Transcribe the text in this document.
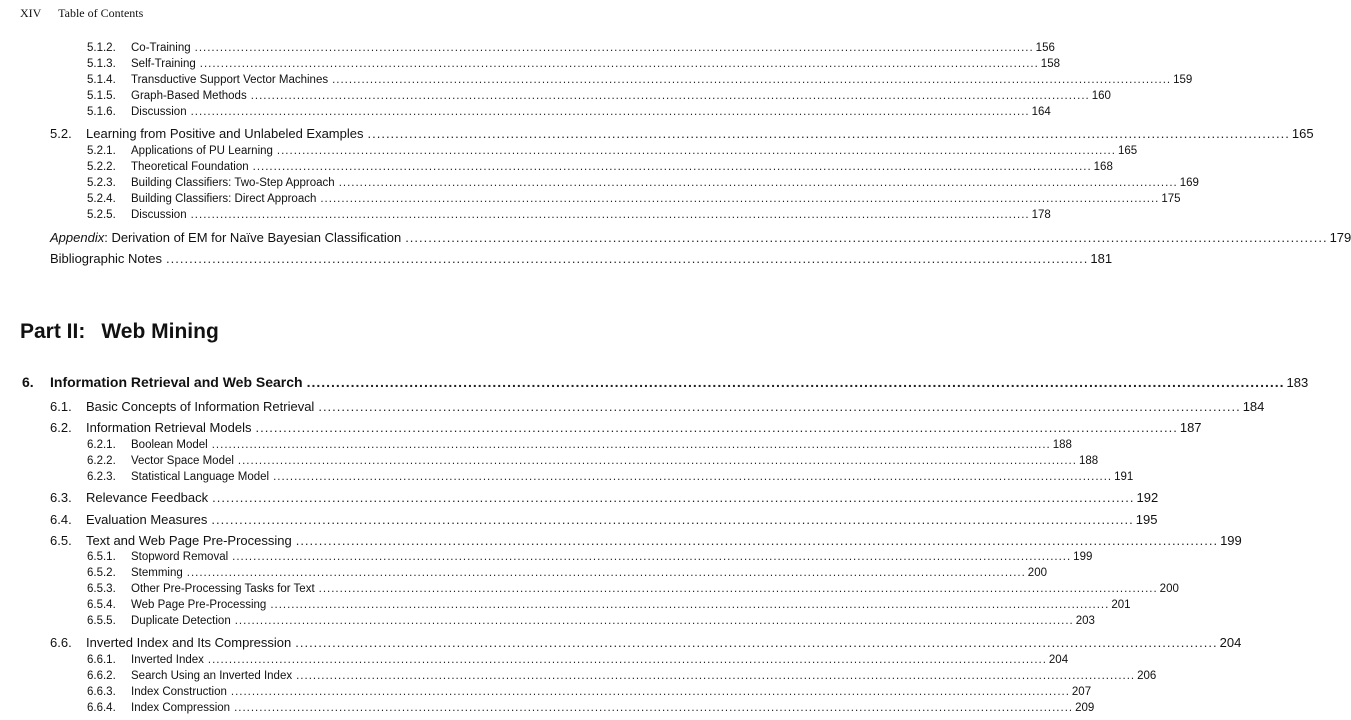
XIV Table of Contents
5.1.2.	Co-Training ........................................................................................................................................................................................................ 156
5.1.3.	Self-Training ........................................................................................................................................................................................................ 158
5.1.4.	Transductive Support Vector Machines ........................................................................................................................................................................................................ 159
5.1.5.	Graph-Based Methods ........................................................................................................................................................................................................ 160
5.1.6.	Discussion ........................................................................................................................................................................................................ 164
5.2.	Learning from Positive and Unlabeled Examples ........................................................................................................................................................................................................ 165
5.2.1.	Applications of PU Learning ........................................................................................................................................................................................................ 165
5.2.2.	Theoretical Foundation ........................................................................................................................................................................................................ 168
5.2.3.	Building Classifiers: Two-Step Approach ........................................................................................................................................................................................................ 169
5.2.4.	Building Classifiers: Direct Approach ........................................................................................................................................................................................................ 175
5.2.5.	Discussion ........................................................................................................................................................................................................ 178
Appendix: Derivation of EM for Naïve Bayesian Classification ........................................................................................................................................................................................................ 179
Bibliographic Notes ........................................................................................................................................................................................................ 181
Part II: Web Mining
6.	Information Retrieval and Web Search ........................................................................................................................................................................................................ 183
6.1.	Basic Concepts of Information Retrieval ........................................................................................................................................................................................................ 184
6.2.	Information Retrieval Models ........................................................................................................................................................................................................ 187
6.2.1.	Boolean Model ........................................................................................................................................................................................................ 188
6.2.2.	Vector Space Model ........................................................................................................................................................................................................ 188
6.2.3.	Statistical Language Model ........................................................................................................................................................................................................ 191
6.3.	Relevance Feedback ........................................................................................................................................................................................................ 192
6.4.	Evaluation Measures ........................................................................................................................................................................................................ 195
6.5.	Text and Web Page Pre-Processing ........................................................................................................................................................................................................ 199
6.5.1.	Stopword Removal ........................................................................................................................................................................................................ 199
6.5.2.	Stemming ........................................................................................................................................................................................................ 200
6.5.3.	Other Pre-Processing Tasks for Text ........................................................................................................................................................................................................ 200
6.5.4.	Web Page Pre-Processing ........................................................................................................................................................................................................ 201
6.5.5.	Duplicate Detection ........................................................................................................................................................................................................ 203
6.6.	Inverted Index and Its Compression ........................................................................................................................................................................................................ 204
6.6.1.	Inverted Index ........................................................................................................................................................................................................ 204
6.6.2.	Search Using an Inverted Index ........................................................................................................................................................................................................ 206
6.6.3.	Index Construction ........................................................................................................................................................................................................ 207
6.6.4.	Index Compression ........................................................................................................................................................................................................ 209
